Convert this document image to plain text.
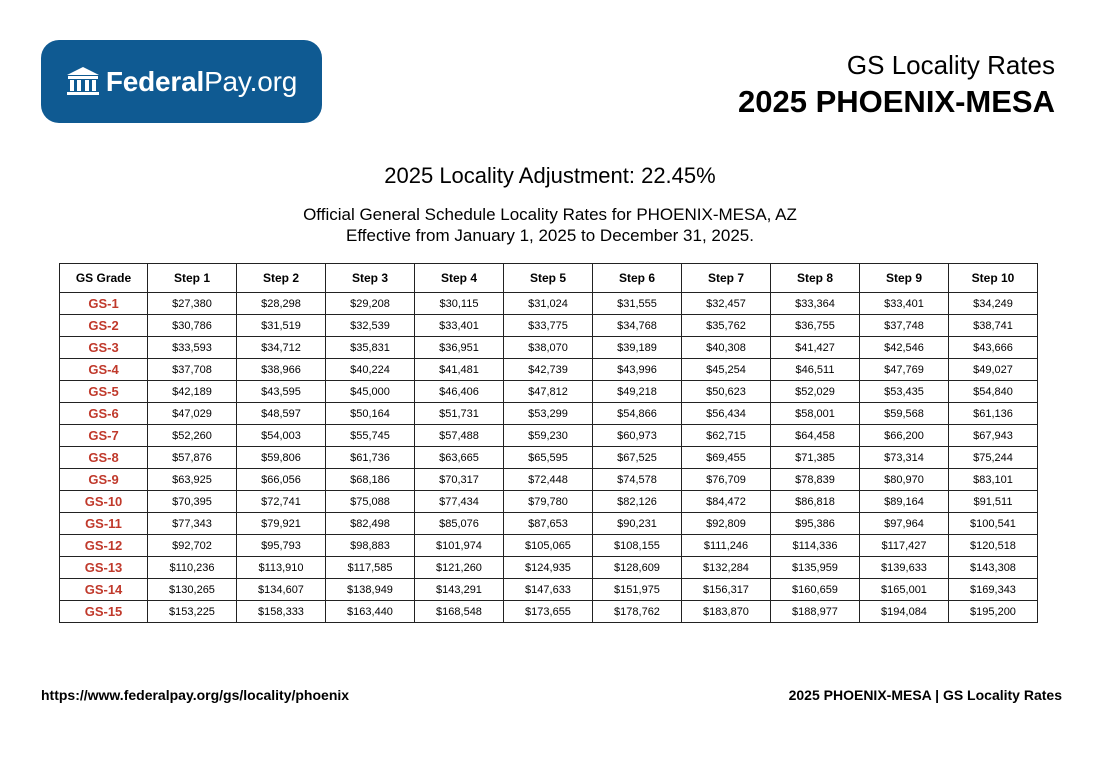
FederalPay.org
GS Locality Rates
2025 PHOENIX-MESA
2025 Locality Adjustment: 22.45%
Official General Schedule Locality Rates for PHOENIX-MESA, AZ
Effective from January 1, 2025 to December 31, 2025.
GS Grade	Step 1	Step 2	Step 3	Step 4	Step 5	Step 6	Step 7	Step 8	Step 9	Step 10
GS-1	$27,380	$28,298	$29,208	$30,115	$31,024	$31,555	$32,457	$33,364	$33,401	$34,249
GS-2	$30,786	$31,519	$32,539	$33,401	$33,775	$34,768	$35,762	$36,755	$37,748	$38,741
GS-3	$33,593	$34,712	$35,831	$36,951	$38,070	$39,189	$40,308	$41,427	$42,546	$43,666
GS-4	$37,708	$38,966	$40,224	$41,481	$42,739	$43,996	$45,254	$46,511	$47,769	$49,027
GS-5	$42,189	$43,595	$45,000	$46,406	$47,812	$49,218	$50,623	$52,029	$53,435	$54,840
GS-6	$47,029	$48,597	$50,164	$51,731	$53,299	$54,866	$56,434	$58,001	$59,568	$61,136
GS-7	$52,260	$54,003	$55,745	$57,488	$59,230	$60,973	$62,715	$64,458	$66,200	$67,943
GS-8	$57,876	$59,806	$61,736	$63,665	$65,595	$67,525	$69,455	$71,385	$73,314	$75,244
GS-9	$63,925	$66,056	$68,186	$70,317	$72,448	$74,578	$76,709	$78,839	$80,970	$83,101
GS-10	$70,395	$72,741	$75,088	$77,434	$79,780	$82,126	$84,472	$86,818	$89,164	$91,511
GS-11	$77,343	$79,921	$82,498	$85,076	$87,653	$90,231	$92,809	$95,386	$97,964	$100,541
GS-12	$92,702	$95,793	$98,883	$101,974	$105,065	$108,155	$111,246	$114,336	$117,427	$120,518
GS-13	$110,236	$113,910	$117,585	$121,260	$124,935	$128,609	$132,284	$135,959	$139,633	$143,308
GS-14	$130,265	$134,607	$138,949	$143,291	$147,633	$151,975	$156,317	$160,659	$165,001	$169,343
GS-15	$153,225	$158,333	$163,440	$168,548	$173,655	$178,762	$183,870	$188,977	$194,084	$195,200
https://www.federalpay.org/gs/locality/phoenix	2025 PHOENIX-MESA | GS Locality Rates
